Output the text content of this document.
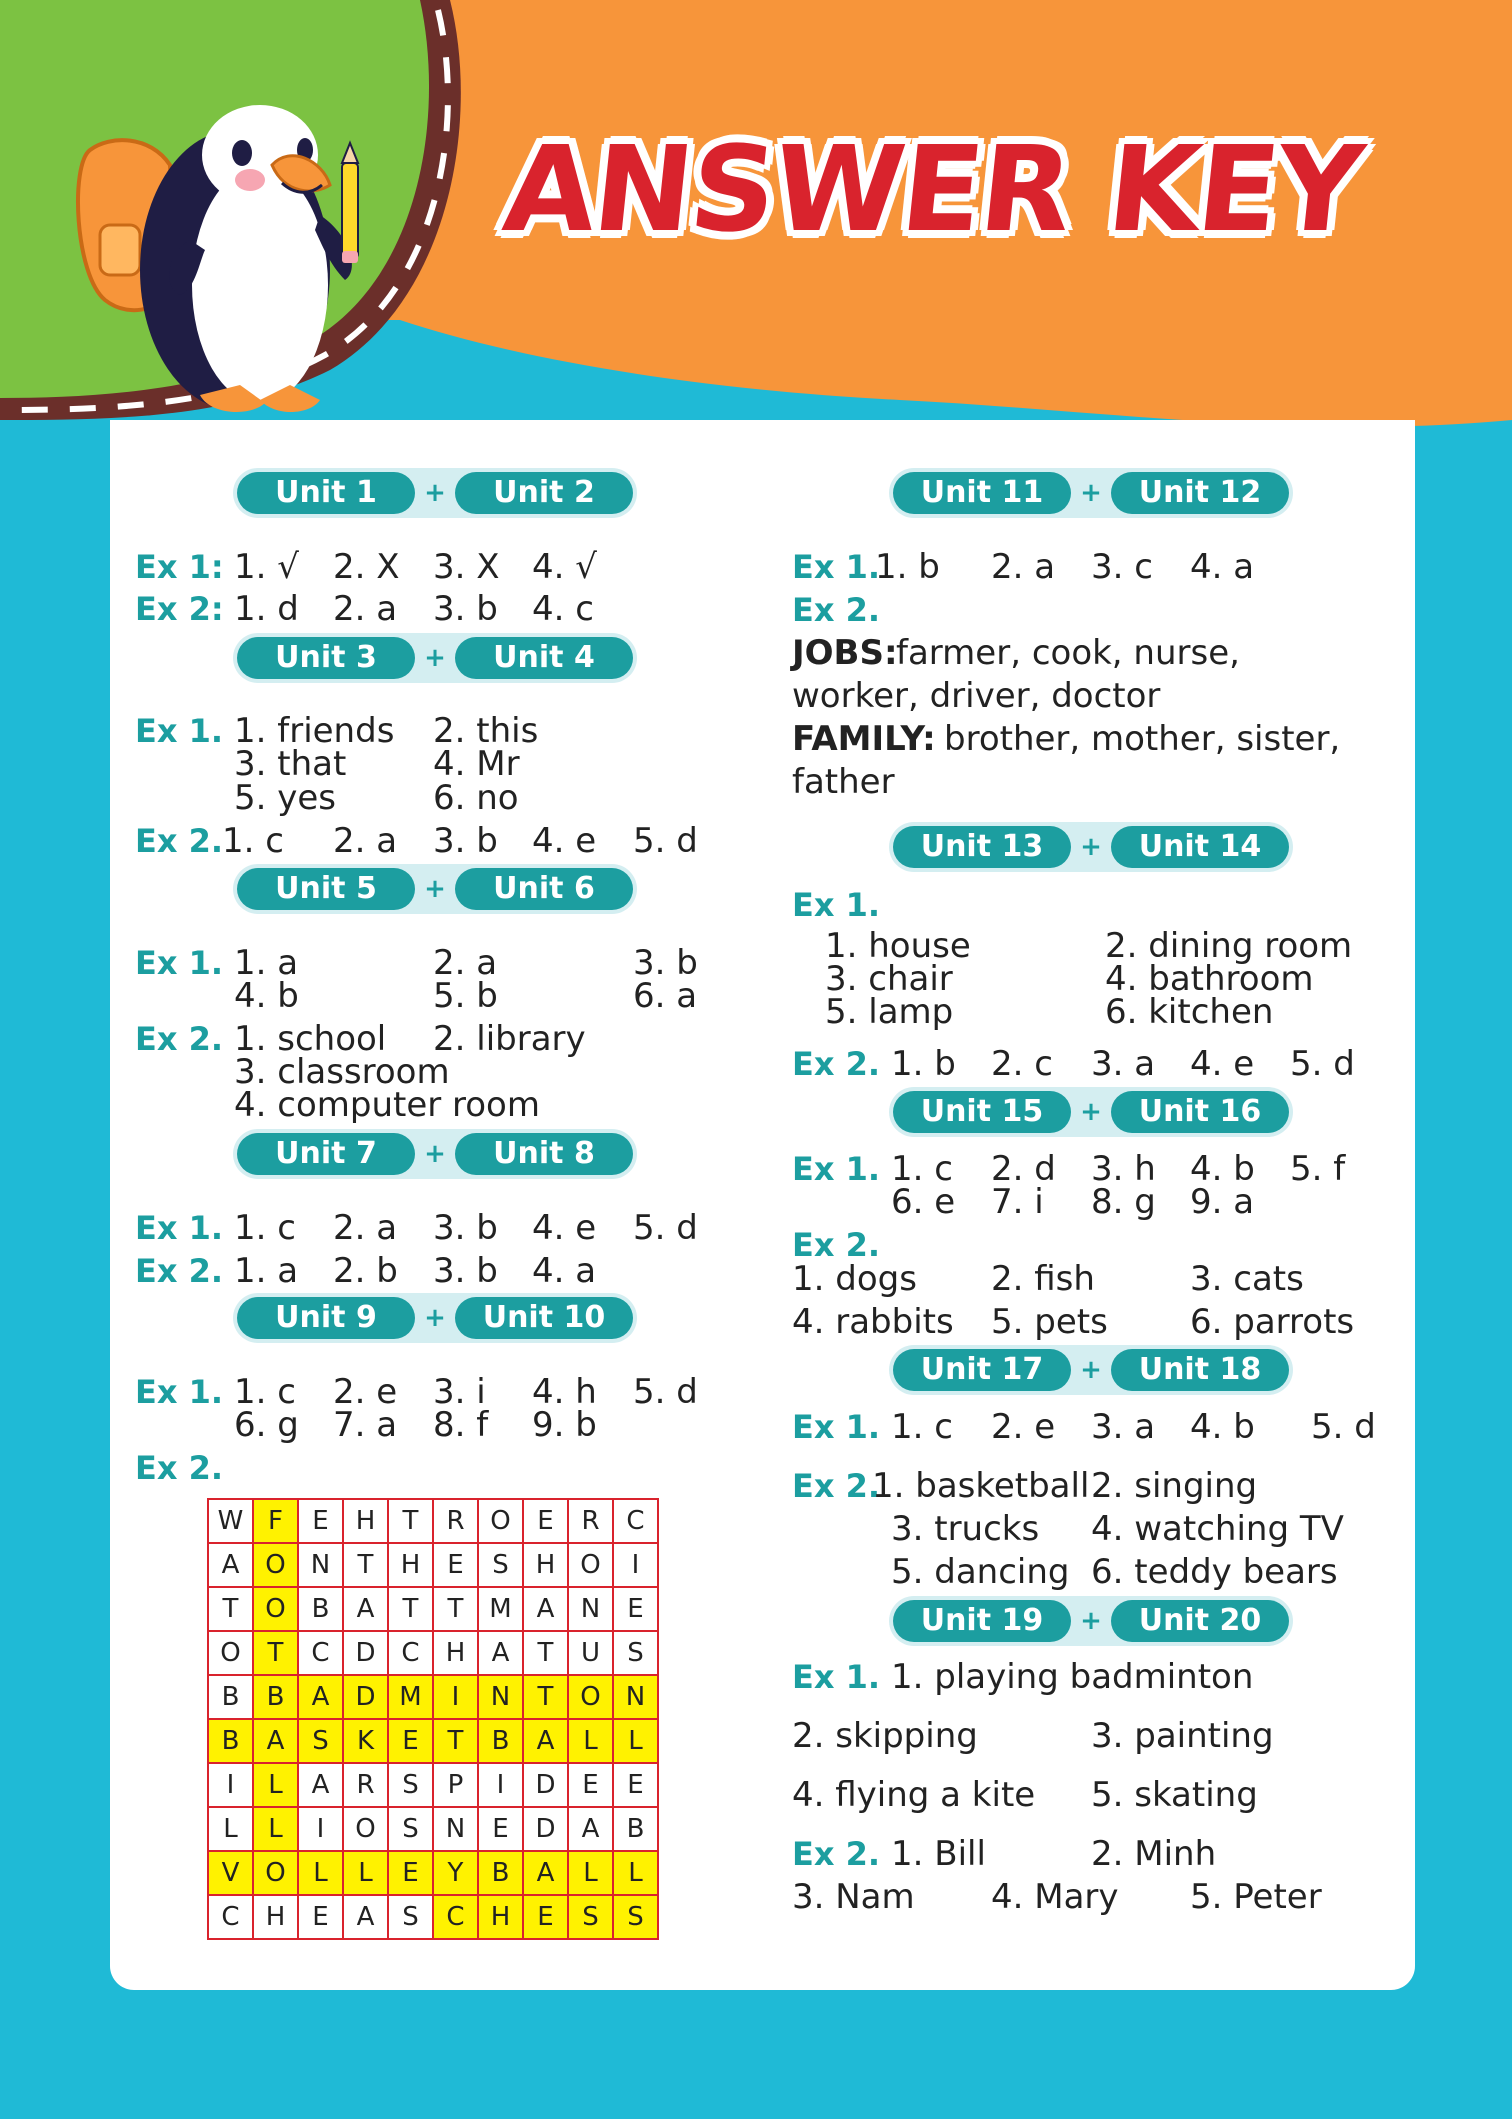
ANSWER KEY
Unit 1	+	Unit 2
Unit 3	+	Unit 4
Unit 5	+	Unit 6
Unit 7	+	Unit 8
Unit 9	+	Unit 10
Unit 11	+	Unit 12
Unit 13	+	Unit 14
Unit 15	+	Unit 16
Unit 17	+	Unit 18
Unit 19	+	Unit 20
Ex 1: 1. √ 2. X 3. X 4. √
Ex 2: 1. d 2. a 3. b 4. c
Ex 1. 1. friends 2. this
3. that	4. Mr
5. yes	6. no
Ex 2.
1. c 2. a 3. b 4. e 5. d
Ex 1. 1. a	2. a	3. b
4. b	5. b	6. a
Ex 2. 1. school 2. library
3. classroom
4. computer room
Ex 1. 1. c 2. a 3. b 4. e 5. d
Ex 2. 1. a 2. b 3. b 4. a
Ex 1. 1. c 2. e 3. i 4. h 5. d
6. g 7. a 8. f 9. b
Ex 2.
W	F	E	H	T	R	O	E	R	C
A	O	N	T	H	E	S	H	O	I
T	O	B	A	T	T	M	A	N	E
O	T	C	D	C	H	A	T	U	S
B	B	A	D	M	I	N	T	O	N
B	A	S	K	E	T	B	A	L	L
I	L	A	R	S	P	I	D	E	E
L	L	I	O	S	N	E	D	A	B
V	O	L	L	E	Y	B	A	L	L
C	H	E	A	S	C	H	E	S	S
Ex 1.
1. b 2. a 3. c 4. a
Ex 2.
JOBS:
farmer, cook, nurse,
worker, driver, doctor
FAMILY: brother, mother, sister,
father
Ex 1.
1. house	2. dining room
3. chair	4. bathroom
5. lamp	6. kitchen
Ex 2. 1. b 2. c 3. a 4. e 5. d
Ex 1. 1. c 2. d 3. h 4. b 5. f
6. e 7. i 8. g 9. a
Ex 2.
1. dogs 2. fish	3. cats
4. rabbits 5. pets 6. parrots
Ex 1. 1. c 2. e 3. a 4. b 5. d
Ex 2.
1. basketball 2. singing
3. trucks 4. watching TV
5. dancing 6. teddy bears
Ex 1. 1. playing badminton
2. skipping	3. painting
4. flying a kite 5. skating
Ex 2. 1. Bill	2. Minh
3. Nam 4. Mary 5. Peter
